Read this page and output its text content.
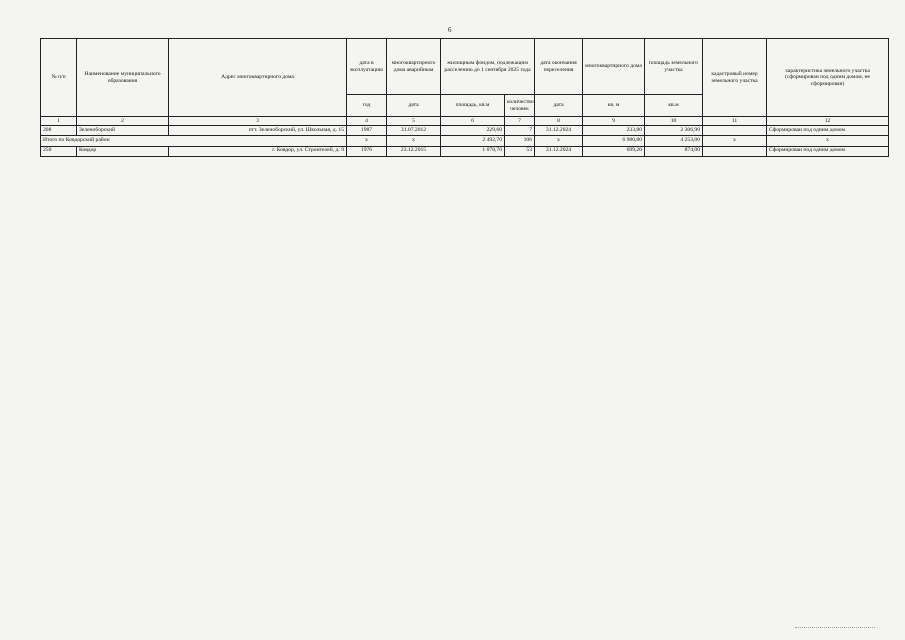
6
№ п/п	Наименование муниципального образования	Адрес многоквартирного дома	дата в эксплуатацию	многоквартирного дома аварийным	жилищным фондом, подлежащим расселению до 1 сентября 2025 года		дата окончания переселения	многоквартирного дома	площадь земельного участка	кадастровый номер земельного участка	характеристика земельного участка (сформирован под одним домом, не сформирован)
			год	дата	площадь, кв.м	количество человек	дата	кв. м	кв.м		
1	2	3	4	5	6	7	8	9	10	11	12
208	Зеленоборский	пгт. Зеленоборский, ул. Школьная, д. 15	1987	31.07.2012	229,60	7	31.12.2024	233,80	2 306,90		Сформирован под одним домом
Итого по Ковдорский район			x	x	2 492,70	106	x	6 980,80	4 253,00	x	x
250	Ковдор	г. Ковдор, ул. Строителей, д. 9	1976	23.12.2015	1 078,70	53	31.12.2024	699,20	874,00		Сформирован под одним домом
